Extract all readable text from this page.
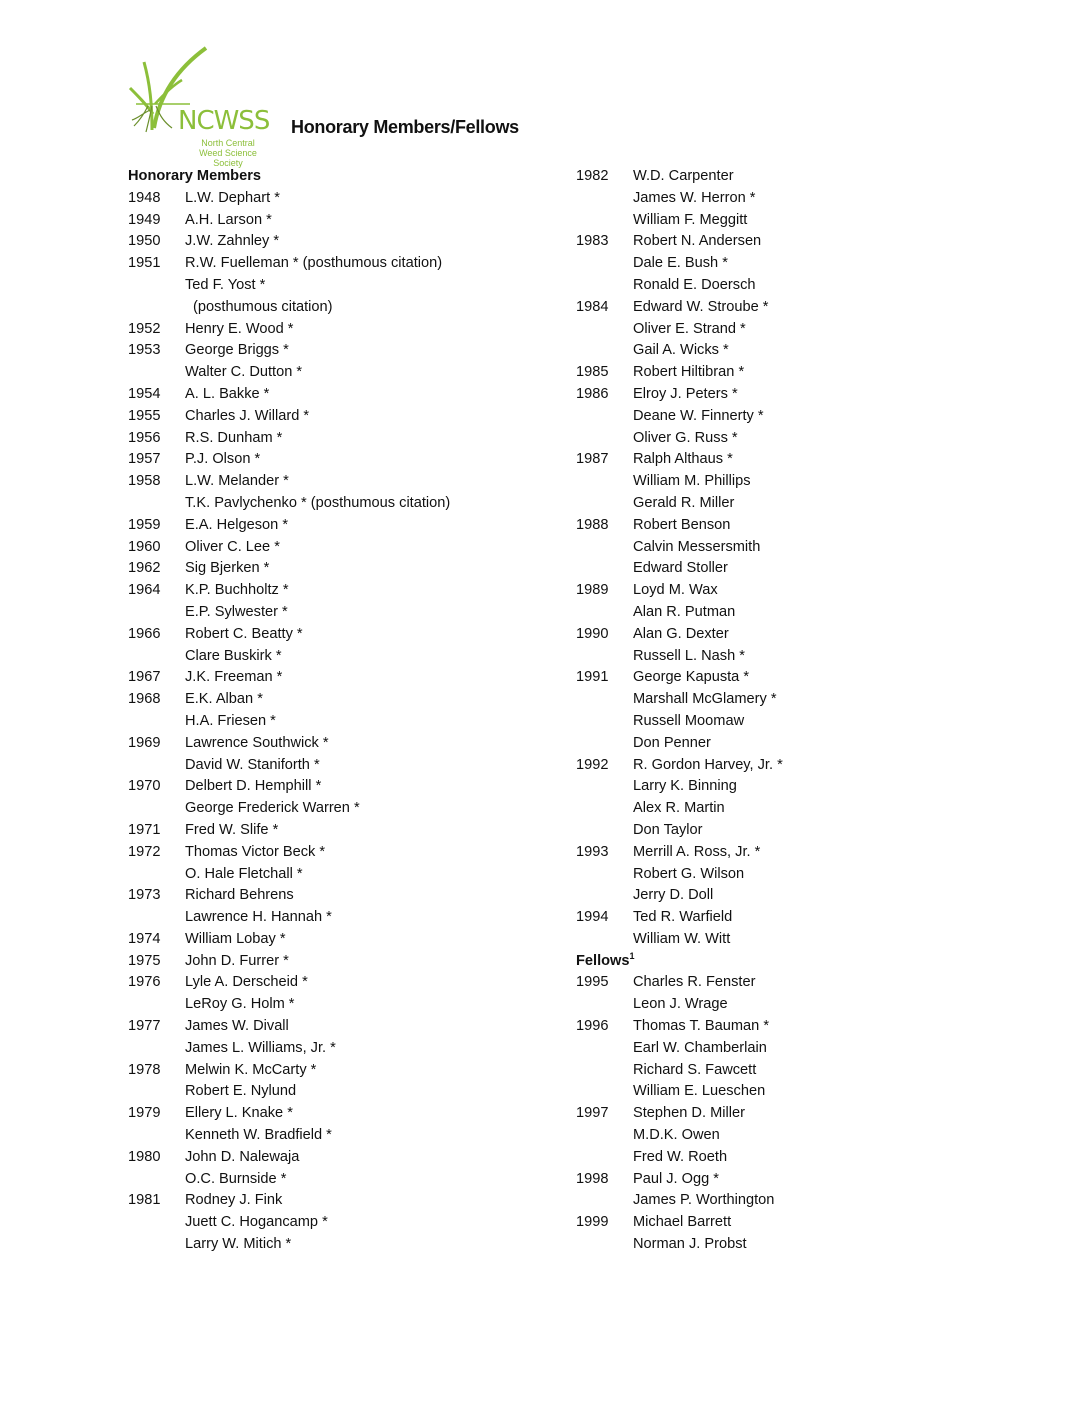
NCWSS
North Central
Weed Science Society
Honorary Members/Fellows
Honorary Members
1948 L.W. Dephart *
1949 A.H. Larson *
1950 J.W. Zahnley *
1951 R.W. Fuelleman * (posthumous citation)
Ted F. Yost *
(posthumous citation)
1952 Henry E. Wood *
1953 George Briggs *
Walter C. Dutton *
1954 A. L. Bakke *
1955 Charles J. Willard *
1956 R.S. Dunham *
1957 P.J. Olson *
1958 L.W. Melander *
T.K. Pavlychenko * (posthumous citation)
1959 E.A. Helgeson *
1960 Oliver C. Lee *
1962 Sig Bjerken *
1964 K.P. Buchholtz *
E.P. Sylwester *
1966 Robert C. Beatty *
Clare Buskirk *
1967 J.K. Freeman *
1968 E.K. Alban *
H.A. Friesen *
1969 Lawrence Southwick *
David W. Staniforth *
1970 Delbert D. Hemphill *
George Frederick Warren *
1971 Fred W. Slife *
1972 Thomas Victor Beck *
O. Hale Fletchall *
1973 Richard Behrens
Lawrence H. Hannah *
1974 William Lobay *
1975 John D. Furrer *
1976 Lyle A. Derscheid *
LeRoy G. Holm *
1977 James W. Divall
James L. Williams, Jr. *
1978 Melwin K. McCarty *
Robert E. Nylund
1979 Ellery L. Knake *
Kenneth W. Bradfield *
1980 John D. Nalewaja
O.C. Burnside *
1981 Rodney J. Fink
Juett C. Hogancamp *
Larry W. Mitich *
1982 W.D. Carpenter
James W. Herron *
William F. Meggitt
1983 Robert N. Andersen
Dale E. Bush *
Ronald E. Doersch
1984 Edward W. Stroube *
Oliver E. Strand *
Gail A. Wicks *
1985 Robert Hiltibran *
1986 Elroy J. Peters *
Deane W. Finnerty *
Oliver G. Russ *
1987 Ralph Althaus *
William M. Phillips
Gerald R. Miller
1988 Robert Benson
Calvin Messersmith
Edward Stoller
1989 Loyd M. Wax
Alan R. Putman
1990 Alan G. Dexter
Russell L. Nash *
1991 George Kapusta *
Marshall McGlamery *
Russell Moomaw
Don Penner
1992 R. Gordon Harvey, Jr. *
Larry K. Binning
Alex R. Martin
Don Taylor
1993 Merrill A. Ross, Jr. *
Robert G. Wilson
Jerry D. Doll
1994 Ted R. Warfield
William W. Witt
Fellows$^1$
1995 Charles R. Fenster
Leon J. Wrage
1996 Thomas T. Bauman *
Earl W. Chamberlain
Richard S. Fawcett
William E. Lueschen
1997 Stephen D. Miller
M.D.K. Owen
Fred W. Roeth
1998 Paul J. Ogg *
James P. Worthington
1999 Michael Barrett
Norman J. Probst
